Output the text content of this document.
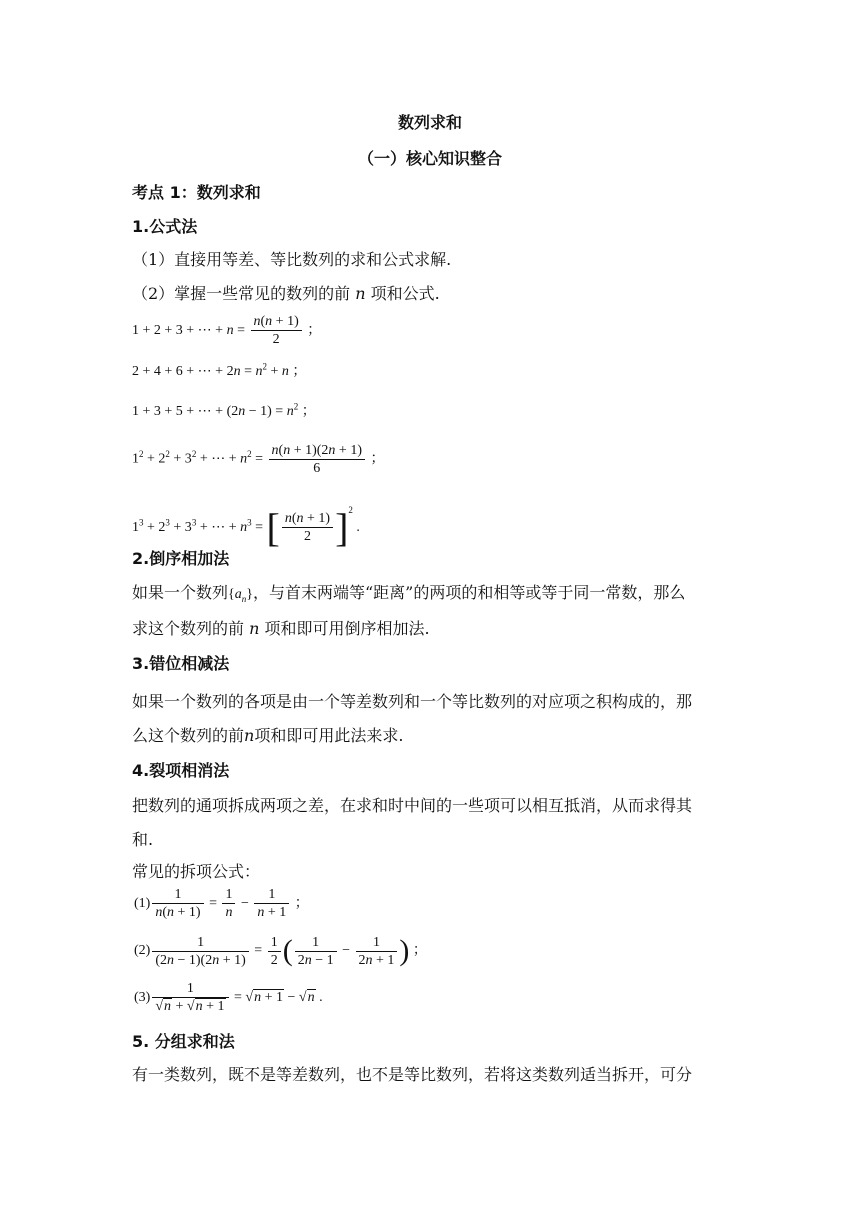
数列求和
（一）核心知识整合
考点 1：数列求和
1.公式法
（1）直接用等差、等比数列的求和公式求解.
（2）掌握一些常见的数列的前 n 项和公式.
1 + 2 + 3 + ⋯ + $n = \frac{n(n + 1)}{2}$ ；
2 + 4 + 6 + ⋯ + $2n = n^2 + n$ ；
1 + 3 + 5 + ⋯ + $(2n - 1) = n^2$ ；
$1^2 + 2^2 + 3^2$ + ⋯ + $n^2 = \frac{n(n + 1)(2n + 1)}{6}$ ；
$1^3 + 2^3 + 3^3$ + ⋯ + $n^3$ = [ $\frac{n(n + 1)}{2} ]^2$ .
2.倒序相加法
如果一个数列$\{a_n\}$，与首末两端等“距离”的两项的和相等或等于同一常数，那么
求这个数列的前 n 项和即可用倒序相加法.
3.错位相减法
如果一个数列的各项是由一个等差数列和一个等比数列的对应项之积构成的，那
么这个数列的前n项和即可用此法来求.
4.裂项相消法
把数列的通项拆成两项之差，在求和时中间的一些项可以相互抵消，从而求得其
和.
常见的拆项公式：
$(1) \frac{1}{n(n + 1)} = \frac{1}{n} - \frac{1}{n + 1}$ ；
$(2) \frac{1}{(2n - 1)(2n + 1)} = \frac{1}{2}$ ( $\frac{1}{2n - 1} - \frac{1}{2n + 1}$ ) ；
$(3) \frac{1}{√n + √n + 1} = √n + 1 - √n$ .
5. 分组求和法
有一类数列，既不是等差数列，也不是等比数列，若将这类数列适当拆开，可分
